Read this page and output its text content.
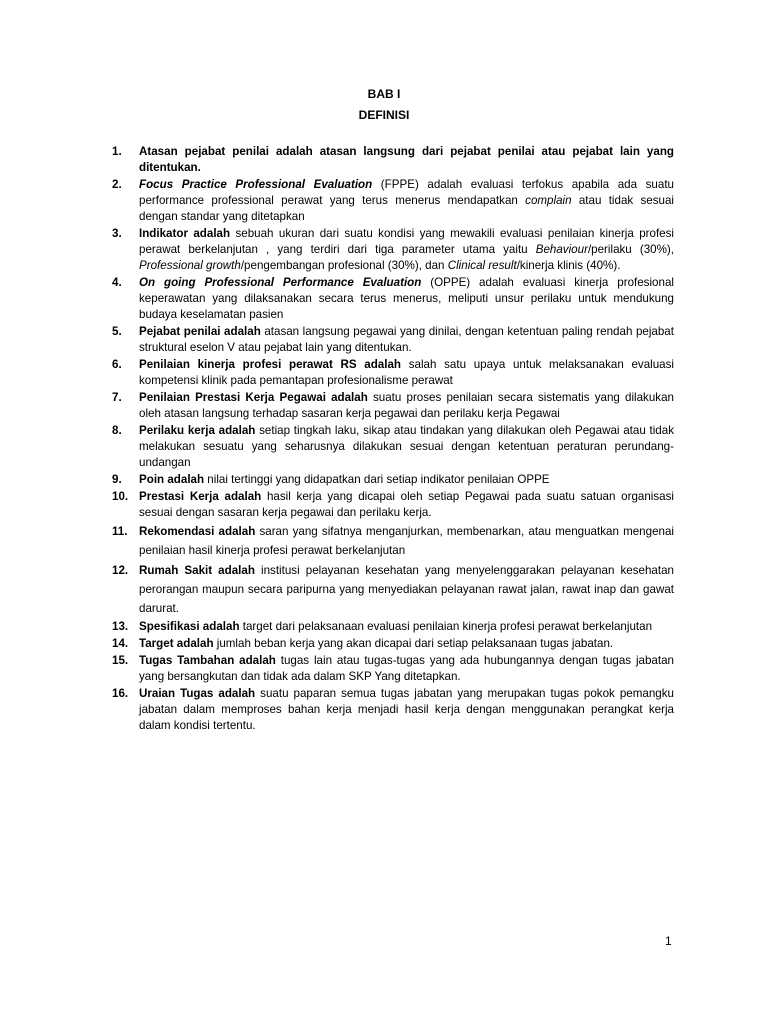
BAB I
DEFINISI
1. Atasan pejabat penilai adalah atasan langsung dari pejabat penilai atau pejabat lain yang ditentukan.
2. Focus Practice Professional Evaluation (FPPE) adalah evaluasi terfokus apabila ada suatu performance professional perawat yang terus menerus mendapatkan complain atau tidak sesuai dengan standar yang ditetapkan
3. Indikator adalah sebuah ukuran dari suatu kondisi yang mewakili evaluasi penilaian kinerja profesi perawat berkelanjutan , yang terdiri dari tiga parameter utama yaitu Behaviour/perilaku (30%), Professional growth/pengembangan profesional (30%), dan Clinical result/kinerja klinis (40%).
4. On going Professional Performance Evaluation (OPPE) adalah evaluasi kinerja profesional keperawatan yang dilaksanakan secara terus menerus, meliputi unsur perilaku untuk mendukung budaya keselamatan pasien
5. Pejabat penilai adalah atasan langsung pegawai yang dinilai, dengan ketentuan paling rendah pejabat struktural eselon V atau pejabat lain yang ditentukan.
6. Penilaian kinerja profesi perawat RS adalah salah satu upaya untuk melaksanakan evaluasi kompetensi klinik pada pemantapan profesionalisme perawat
7. Penilaian Prestasi Kerja Pegawai adalah suatu proses penilaian secara sistematis yang dilakukan oleh atasan langsung terhadap sasaran kerja pegawai dan perilaku kerja Pegawai
8. Perilaku kerja adalah setiap tingkah laku, sikap atau tindakan yang dilakukan oleh Pegawai atau tidak melakukan sesuatu yang seharusnya dilakukan sesuai dengan ketentuan peraturan perundang-undangan
9. Poin adalah nilai tertinggi yang didapatkan dari setiap indikator penilaian OPPE
10. Prestasi Kerja adalah hasil kerja yang dicapai oleh setiap Pegawai pada suatu satuan organisasi sesuai dengan sasaran kerja pegawai dan perilaku kerja.
11. Rekomendasi adalah saran yang sifatnya menganjurkan, membenarkan, atau menguatkan mengenai penilaian hasil kinerja profesi perawat berkelanjutan
12. Rumah Sakit adalah institusi pelayanan kesehatan yang menyelenggarakan pelayanan kesehatan perorangan maupun secara paripurna yang menyediakan pelayanan rawat jalan, rawat inap dan gawat darurat.
13. Spesifikasi adalah target dari pelaksanaan evaluasi penilaian kinerja profesi perawat berkelanjutan
14. Target adalah jumlah beban kerja yang akan dicapai dari setiap pelaksanaan tugas jabatan.
15. Tugas Tambahan adalah tugas lain atau tugas-tugas yang ada hubungannya dengan tugas jabatan yang bersangkutan dan tidak ada dalam SKP Yang ditetapkan.
16. Uraian Tugas adalah suatu paparan semua tugas jabatan yang merupakan tugas pokok pemangku jabatan dalam memproses bahan kerja menjadi hasil kerja dengan menggunakan perangkat kerja dalam kondisi tertentu.
1
